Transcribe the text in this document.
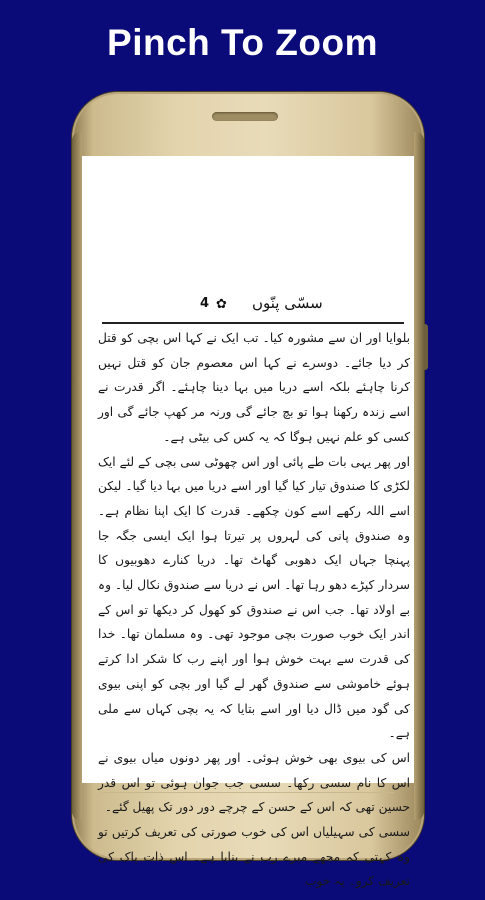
Pinch To Zoom
4 ✿ سسّی پنّوں

بلوایا اور ان سے مشورہ کیا۔ تب ایک نے کہا اس بچی کو قتل کر دیا جائے۔ دوسرے نے کہا اس معصوم جان کو قتل نہیں کرنا چاہئے بلکہ اسے دریا میں بہا دینا چاہئے۔ اگر قدرت نے اسے زندہ رکھنا ہوا تو بچ جائے گی ورنہ مر کھپ جائے گی اور کسی کو علم نہیں ہوگا کہ یہ کس کی بیٹی ہے۔

اور پھر یہی بات طے پائی اور اس چھوٹی سی بچی کے لئے ایک لکڑی کا صندوق تیار کیا گیا اور اسے دریا میں بہا دیا گیا۔ لیکن اسے اللہ رکھے اسے کون چکھے۔ قدرت کا ایک اپنا نظام ہے۔ وہ صندوق پانی کی لہروں پر تیرتا ہوا ایک ایسی جگہ جا پہنچا جہاں ایک دھوبی گھاٹ تھا۔ دریا کنارے دھوبیوں کا سردار کپڑے دھو رہا تھا۔ اس نے دریا سے صندوق نکال لیا۔ وہ بے اولاد تھا۔ جب اس نے صندوق کو کھول کر دیکھا تو اس کے اندر ایک خوب صورت بچی موجود تھی۔ وہ مسلمان تھا۔ خدا کی قدرت سے بہت خوش ہوا اور اپنے رب کا شکر ادا کرتے ہوئے خاموشی سے صندوق گھر لے گیا اور بچی کو اپنی بیوی کی گود میں ڈال دیا اور اسے بتایا کہ یہ بچی کہاں سے ملی ہے۔

اس کی بیوی بھی خوش ہوئی۔ اور پھر دونوں میاں بیوی نے اس کا نام سسی رکھا۔ سسی جب جوان ہوئی تو اس قدر حسین تھی کہ اس کے حسن کے چرچے دور دور تک پھیل گئے۔

سسی کی سہیلیاں اس کی خوب صورتی کی تعریف کرتیں تو وہ کہتی کہ مجھے میرے رب نے بنایا ہے۔ اس ذات پاک کی تعریف کرو۔ یہ خوب
